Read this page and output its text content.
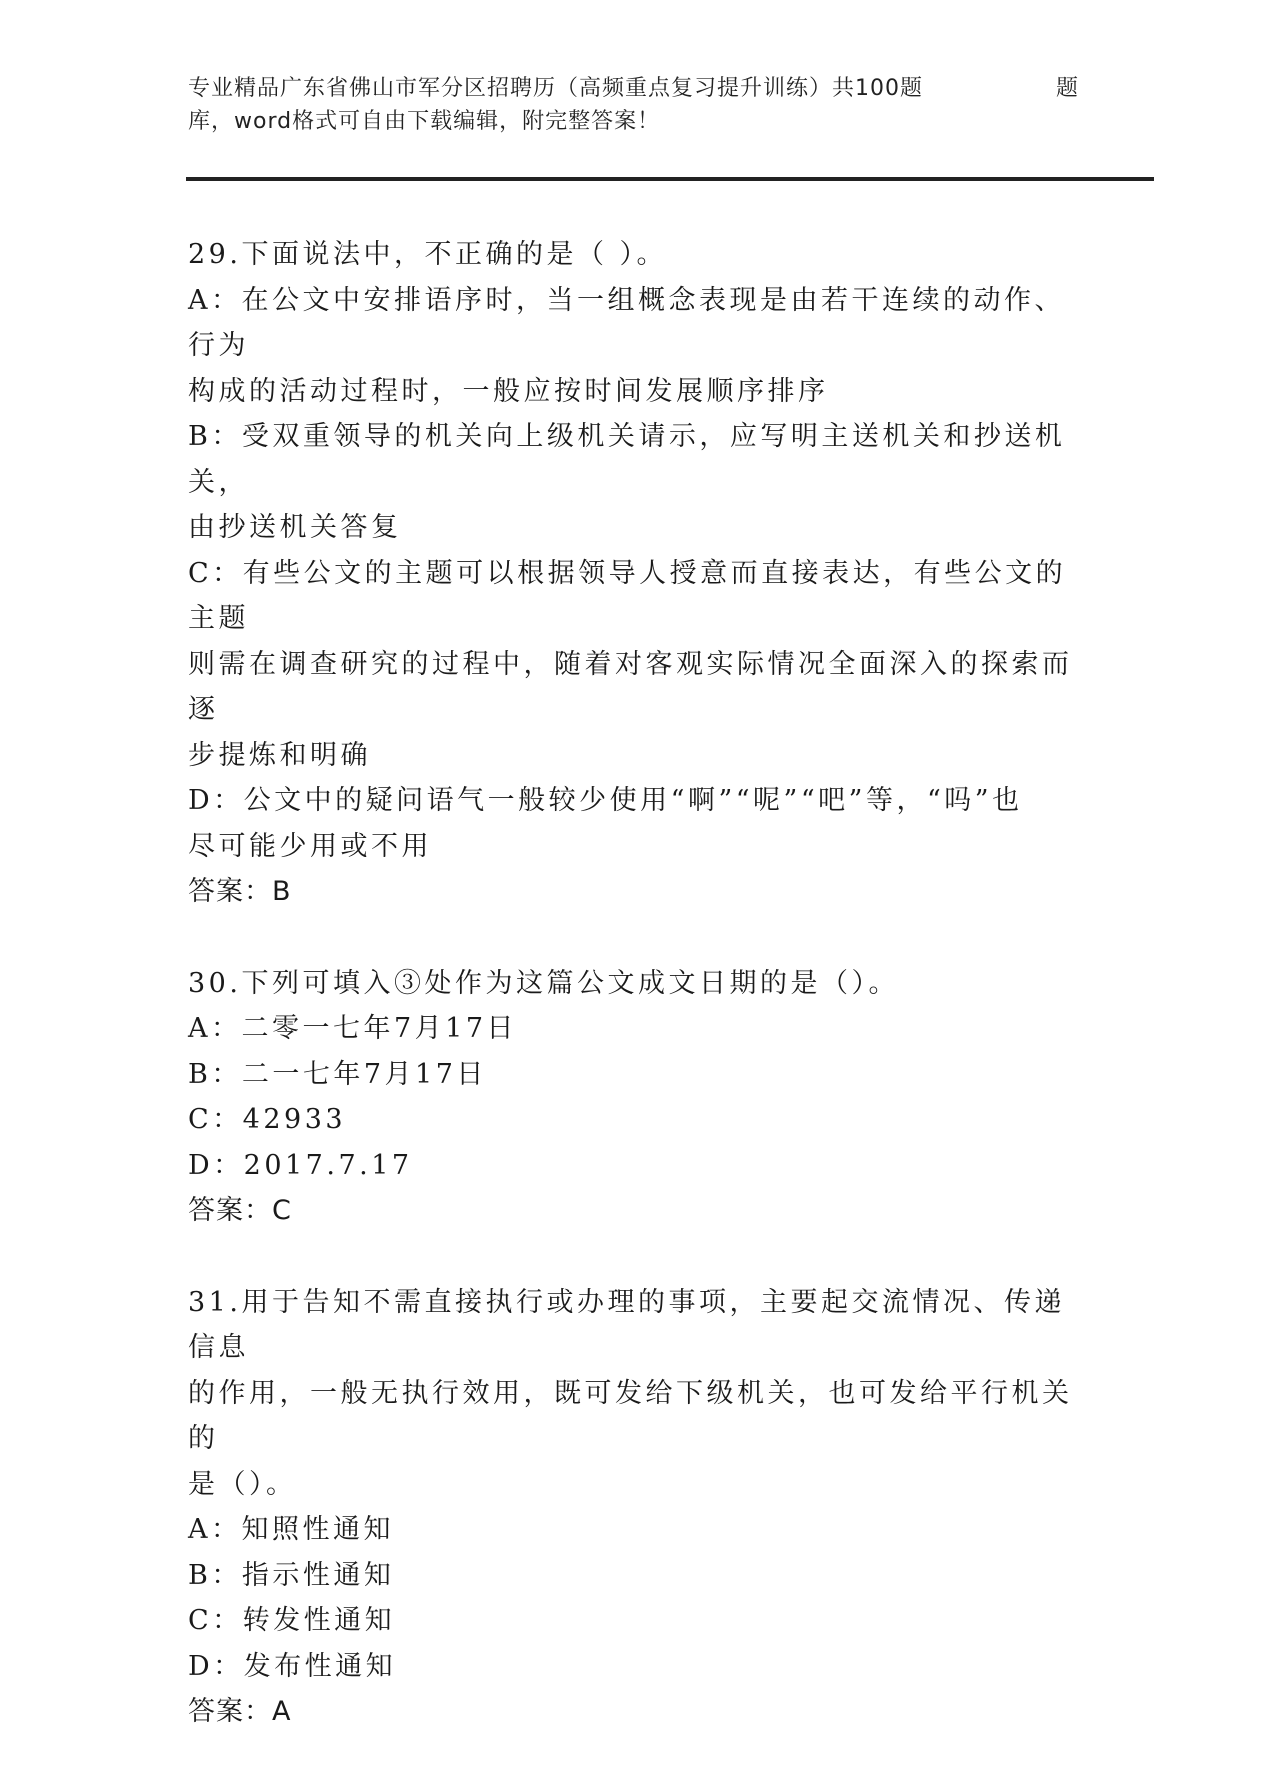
专业精品广东省佛山市军分区招聘历（高频重点复习提升训练）共100题	题
库，word格式可自由下载编辑，附完整答案！

29.下面说法中，不正确的是（ ）。

A：在公文中安排语序时，当一组概念表现是由若干连续的动作、行为
构成的活动过程时，一般应按时间发展顺序排序

B：受双重领导的机关向上级机关请示，应写明主送机关和抄送机关，
由抄送机关答复

C：有些公文的主题可以根据领导人授意而直接表达，有些公文的主题
则需在调查研究的过程中，随着对客观实际情况全面深入的探索而逐
步提炼和明确

D：公文中的疑问语气一般较少使用“啊”“呢”“吧”等，“吗”也
尽可能少用或不用

答案：B

30.下列可填入③处作为这篇公文成文日期的是（）。

A：二零一七年7月17日

B：二一七年7月17日

C：42933

D：2017.7.17

答案：C

31.用于告知不需直接执行或办理的事项，主要起交流情况、传递信息
的作用，一般无执行效用，既可发给下级机关，也可发给平行机关的
是（）。

A：知照性通知

B：指示性通知

C：转发性通知

D：发布性通知

答案：A
